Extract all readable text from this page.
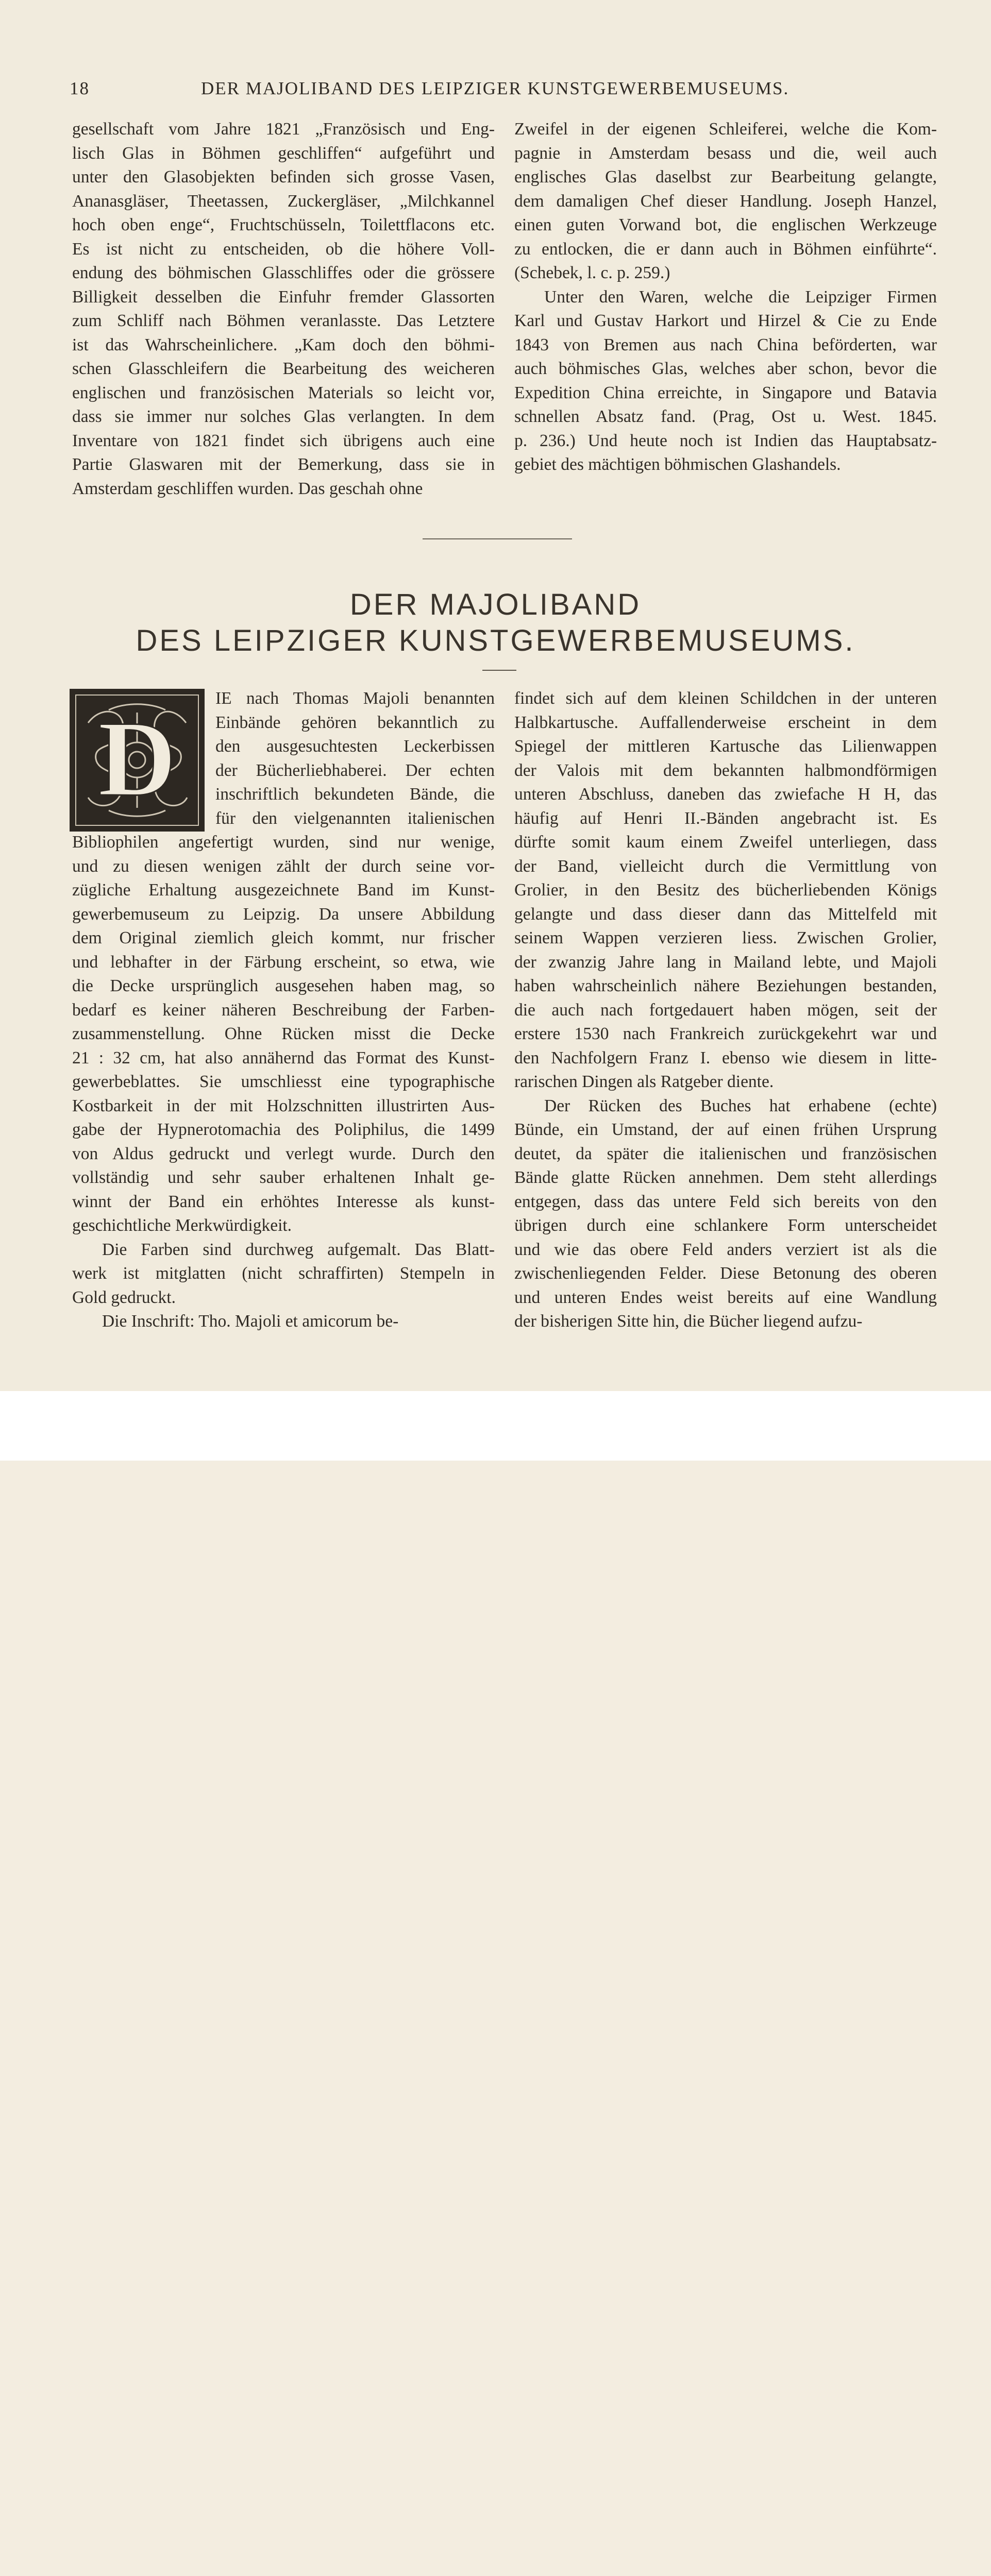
18	DER MAJOLIBAND DES LEIPZIGER KUNSTGEWERBEMUSEUMS.
gesellschaft vom Jahre 1821 „Französisch und Eng-
lisch Glas in Böhmen geschliffen“ aufgeführt und
unter den Glasobjekten befinden sich grosse Vasen,
Ananasgläser, Theetassen, Zuckergläser, „Milchkannel
hoch oben enge“, Fruchtschüsseln, Toilettflacons etc.
Es ist nicht zu entscheiden, ob die höhere Voll-
endung des böhmischen Glasschliffes oder die grössere
Billigkeit desselben die Einfuhr fremder Glassorten
zum Schliff nach Böhmen veranlasste. Das Letztere
ist das Wahrscheinlichere. „Kam doch den böhmi-
schen Glasschleifern die Bearbeitung des weicheren
englischen und französischen Materials so leicht vor,
dass sie immer nur solches Glas verlangten. In dem
Inventare von 1821 findet sich übrigens auch eine
Partie Glaswaren mit der Bemerkung, dass sie in
Amsterdam geschliffen wurden. Das geschah ohne
Zweifel in der eigenen Schleiferei, welche die Kom-
pagnie in Amsterdam besass und die, weil auch
englisches Glas daselbst zur Bearbeitung gelangte,
dem damaligen Chef dieser Handlung. Joseph Hanzel,
einen guten Vorwand bot, die englischen Werkzeuge
zu entlocken, die er dann auch in Böhmen einführte“.
(Schebek, l. c. p. 259.)
Unter den Waren, welche die Leipziger Firmen
Karl und Gustav Harkort und Hirzel & Cie zu Ende
1843 von Bremen aus nach China beförderten, war
auch böhmisches Glas, welches aber schon, bevor die
Expedition China erreichte, in Singapore und Batavia
schnellen Absatz fand. (Prag, Ost u. West. 1845.
p. 236.) Und heute noch ist Indien das Hauptabsatz-
gebiet des mächtigen böhmischen Glashandels.
DER MAJOLIBAND
DES LEIPZIGER KUNSTGEWERBEMUSEUMS.
D
IE nach Thomas Majoli benannten
Einbände gehören bekanntlich zu
den ausgesuchtesten Leckerbissen
der Bücherliebhaberei. Der echten
inschriftlich bekundeten Bände, die
für den vielgenannten italienischen
Bibliophilen angefertigt wurden, sind nur wenige,
und zu diesen wenigen zählt der durch seine vor-
zügliche Erhaltung ausgezeichnete Band im Kunst-
gewerbemuseum zu Leipzig. Da unsere Abbildung
dem Original ziemlich gleich kommt, nur frischer
und lebhafter in der Färbung erscheint, so etwa, wie
die Decke ursprünglich ausgesehen haben mag, so
bedarf es keiner näheren Beschreibung der Farben-
zusammenstellung. Ohne Rücken misst die Decke
21 : 32 cm, hat also annähernd das Format des Kunst-
gewerbeblattes. Sie umschliesst eine typographische
Kostbarkeit in der mit Holzschnitten illustrirten Aus-
gabe der Hypnerotomachia des Poliphilus, die 1499
von Aldus gedruckt und verlegt wurde. Durch den
vollständig und sehr sauber erhaltenen Inhalt ge-
winnt der Band ein erhöhtes Interesse als kunst-
geschichtliche Merkwürdigkeit.
Die Farben sind durchweg aufgemalt. Das Blatt-
werk ist mitglatten (nicht schraffirten) Stempeln in
Gold gedruckt.
Die Inschrift: Tho. Majoli et amicorum be-
findet sich auf dem kleinen Schildchen in der unteren
Halbkartusche. Auffallenderweise erscheint in dem
Spiegel der mittleren Kartusche das Lilienwappen
der Valois mit dem bekannten halbmondförmigen
unteren Abschluss, daneben das zwiefache H H, das
häufig auf Henri II.-Bänden angebracht ist. Es
dürfte somit kaum einem Zweifel unterliegen, dass
der Band, vielleicht durch die Vermittlung von
Grolier, in den Besitz des bücherliebenden Königs
gelangte und dass dieser dann das Mittelfeld mit
seinem Wappen verzieren liess. Zwischen Grolier,
der zwanzig Jahre lang in Mailand lebte, und Majoli
haben wahrscheinlich nähere Beziehungen bestanden,
die auch nach fortgedauert haben mögen, seit der
erstere 1530 nach Frankreich zurückgekehrt war und
den Nachfolgern Franz I. ebenso wie diesem in litte-
rarischen Dingen als Ratgeber diente.
Der Rücken des Buches hat erhabene (echte)
Bünde, ein Umstand, der auf einen frühen Ursprung
deutet, da später die italienischen und französischen
Bände glatte Rücken annehmen. Dem steht allerdings
entgegen, dass das untere Feld sich bereits von den
übrigen durch eine schlankere Form unterscheidet
und wie das obere Feld anders verziert ist als die
zwischenliegenden Felder. Diese Betonung des oberen
und unteren Endes weist bereits auf eine Wandlung
der bisherigen Sitte hin, die Bücher liegend aufzu-
